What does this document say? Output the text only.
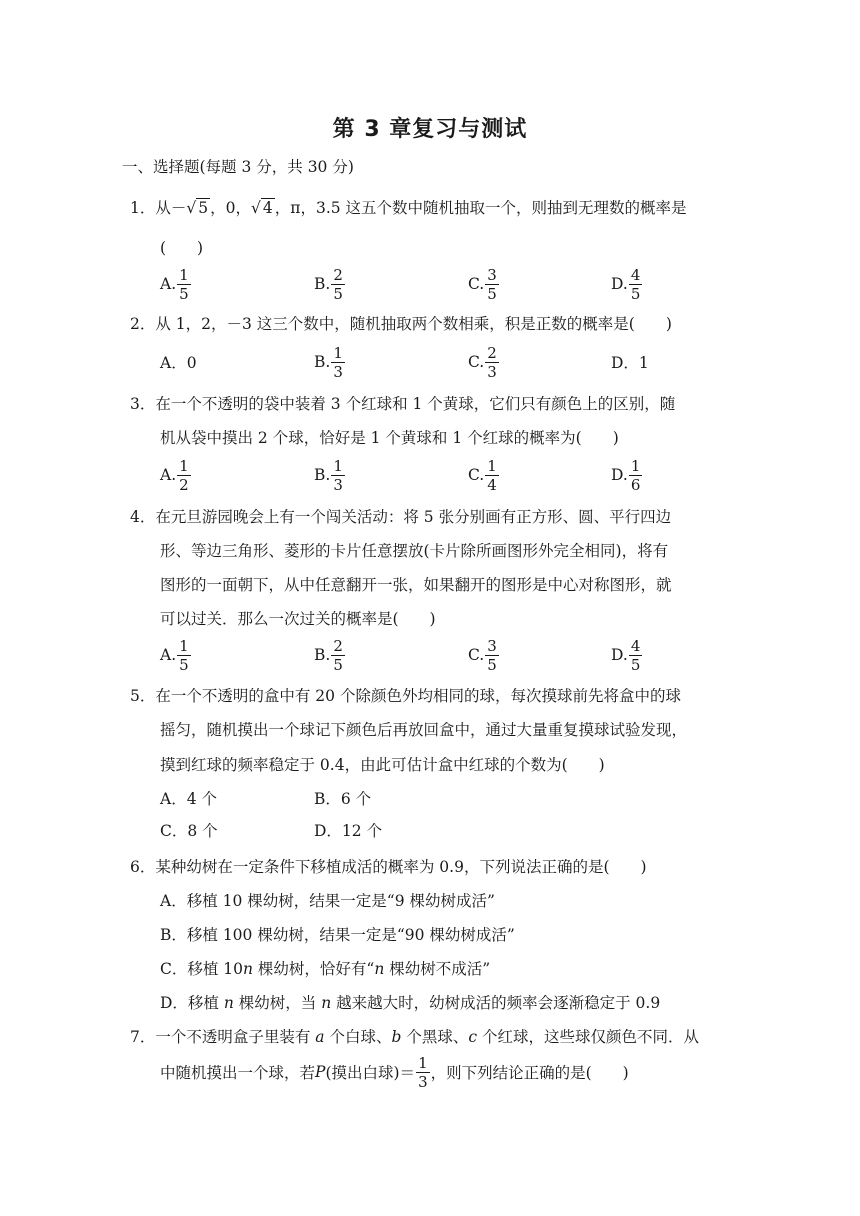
第 3 章复习与测试
一、选择题(每题 3 分，共 30 分)
1．从－√ 5 ，0，√ 4 ，π，3.5 这五个数中随机抽取一个，则抽到无理数的概率是
(　　)
A. $\frac{1}{5}$	B. $\frac{2}{5}$	C. $\frac{3}{5}$	D. $\frac{4}{5}$
2．从 1，2，－3 这三个数中，随机抽取两个数相乘，积是正数的概率是(　　)
A．0	B. $\frac{1}{3}$	C. $\frac{2}{3}$	D．1
3．在一个不透明的袋中装着 3 个红球和 1 个黄球，它们只有颜色上的区别，随
机从袋中摸出 2 个球，恰好是 1 个黄球和 1 个红球的概率为(　　)
A. $\frac{1}{2}$	B. $\frac{1}{3}$	C. $\frac{1}{4}$	D. $\frac{1}{6}$
4．在元旦游园晚会上有一个闯关活动：将 5 张分别画有正方形、圆、平行四边
形、等边三角形、菱形的卡片任意摆放(卡片除所画图形外完全相同)，将有
图形的一面朝下，从中任意翻开一张，如果翻开的图形是中心对称图形，就
可以过关．那么一次过关的概率是(　　)
A. $\frac{1}{5}$	B. $\frac{2}{5}$	C. $\frac{3}{5}$	D. $\frac{4}{5}$
5．在一个不透明的盒中有 20 个除颜色外均相同的球，每次摸球前先将盒中的球
摇匀，随机摸出一个球记下颜色后再放回盒中，通过大量重复摸球试验发现，
摸到红球的频率稳定于 0.4，由此可估计盒中红球的个数为(　　)
A．4 个	B．6 个
C．8 个	D．12 个
6．某种幼树在一定条件下移植成活的概率为 0.9，下列说法正确的是(　　)
A．移植 10 棵幼树，结果一定是“9 棵幼树成活”
B．移植 100 棵幼树，结果一定是“90 棵幼树成活”
C．移植 10n 棵幼树，恰好有“n 棵幼树不成活”
D．移植 n 棵幼树，当 n 越来越大时，幼树成活的频率会逐渐稳定于 0.9
7．一个不透明盒子里装有 a 个白球、b 个黑球、c 个红球，这些球仅颜色不同．从
中随机摸出一个球，若 P (摸出白球)＝ $\frac{1}{3}$ ，则下列结论正确的是(　　)
